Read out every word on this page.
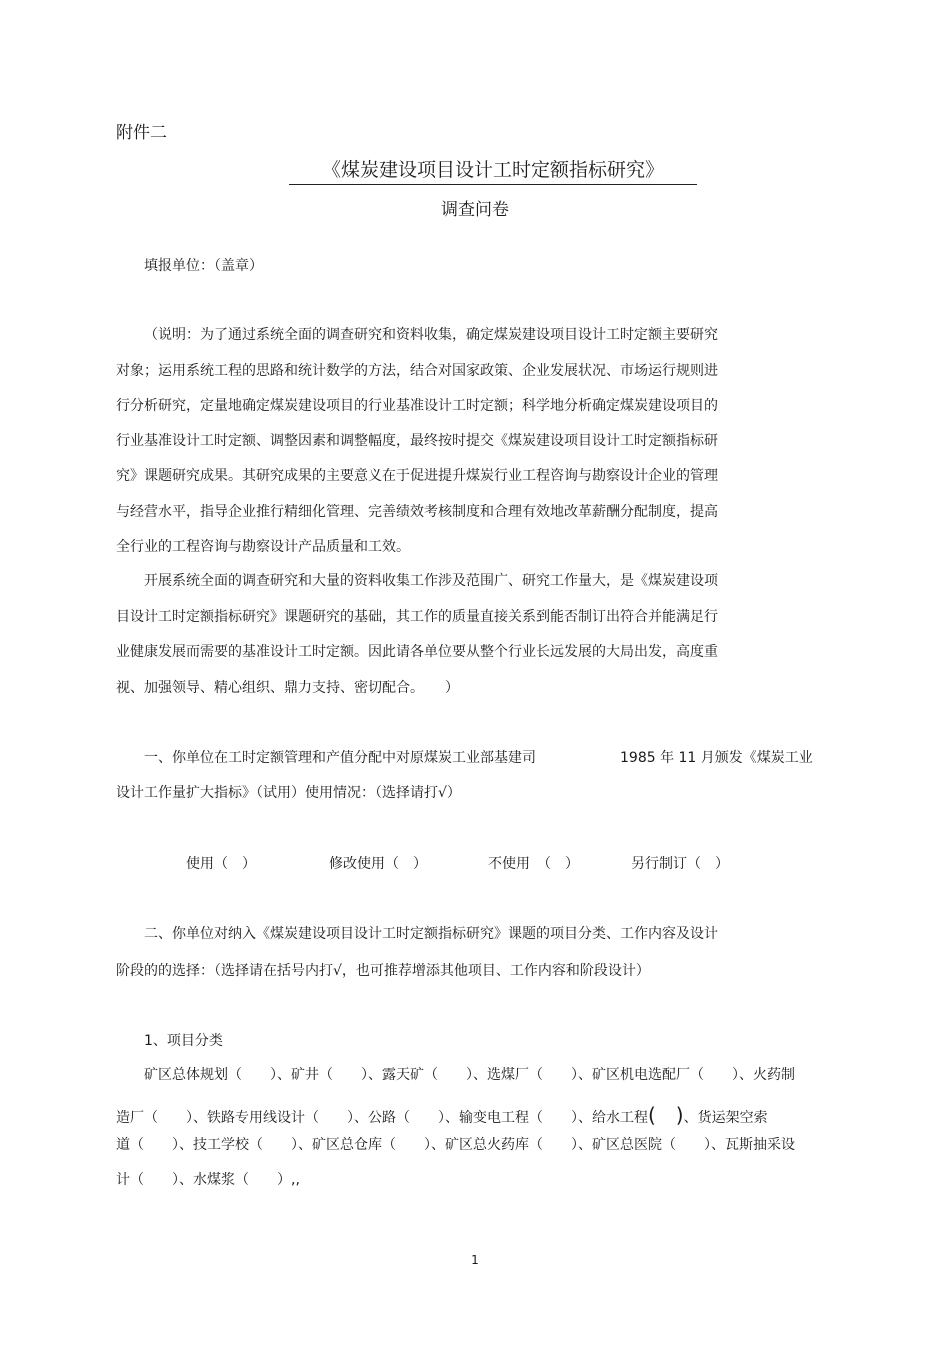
附件二
《煤炭建设项目设计工时定额指标研究》
调查问卷
填报单位：（盖章）
（说明：为了通过系统全面的调查研究和资料收集，确定煤炭建设项目设计工时定额主要研究
对象；运用系统工程的思路和统计数学的方法，结合对国家政策、企业发展状况、市场运行规则进
行分析研究，定量地确定煤炭建设项目的行业基准设计工时定额；科学地分析确定煤炭建设项目的
行业基准设计工时定额、调整因素和调整幅度，最终按时提交《煤炭建设项目设计工时定额指标研
究》课题研究成果。其研究成果的主要意义在于促进提升煤炭行业工程咨询与勘察设计企业的管理
与经营水平，指导企业推行精细化管理、完善绩效考核制度和合理有效地改革薪酬分配制度，提高
全行业的工程咨询与勘察设计产品质量和工效。
开展系统全面的调查研究和大量的资料收集工作涉及范围广、研究工作量大，是《煤炭建设项
目设计工时定额指标研究》课题研究的基础，其工作的质量直接关系到能否制订出符合并能满足行
业健康发展而需要的基准设计工时定额。因此请各单位要从整个行业长远发展的大局出发，高度重
视、加强领导、精心组织、鼎力支持、密切配合。　　）
一、你单位在工时定额管理和产值分配中对原煤炭工业部基建司	1985 年 11 月颁发《煤炭工业
设计工作量扩大指标》（试用）使用情况：（选择请打√）
使用（　）	修改使用（　）	不使用　（　）	另行制订（　）
二、你单位对纳入《煤炭建设项目设计工时定额指标研究》课题的项目分类、工作内容及设计
阶段的的选择：（选择请在括号内打√，也可推荐增添其他项目、工作内容和阶段设计）
1、项目分类
矿区总体规划（　　）、矿井（　　）、露天矿（　　）、选煤厂（　　）、矿区机电选配厂（　　）、火药制
造厂（　　）、铁路专用线设计（　　）、公路（　　）、输变电工程（　　）、给水工程(　)、货运架空索
道（　　）、技工学校（　　）、矿区总仓库（　　）、矿区总火药库（　　）、矿区总医院（　　）、瓦斯抽采设
计（　　）、水煤浆（　　）,,
1
